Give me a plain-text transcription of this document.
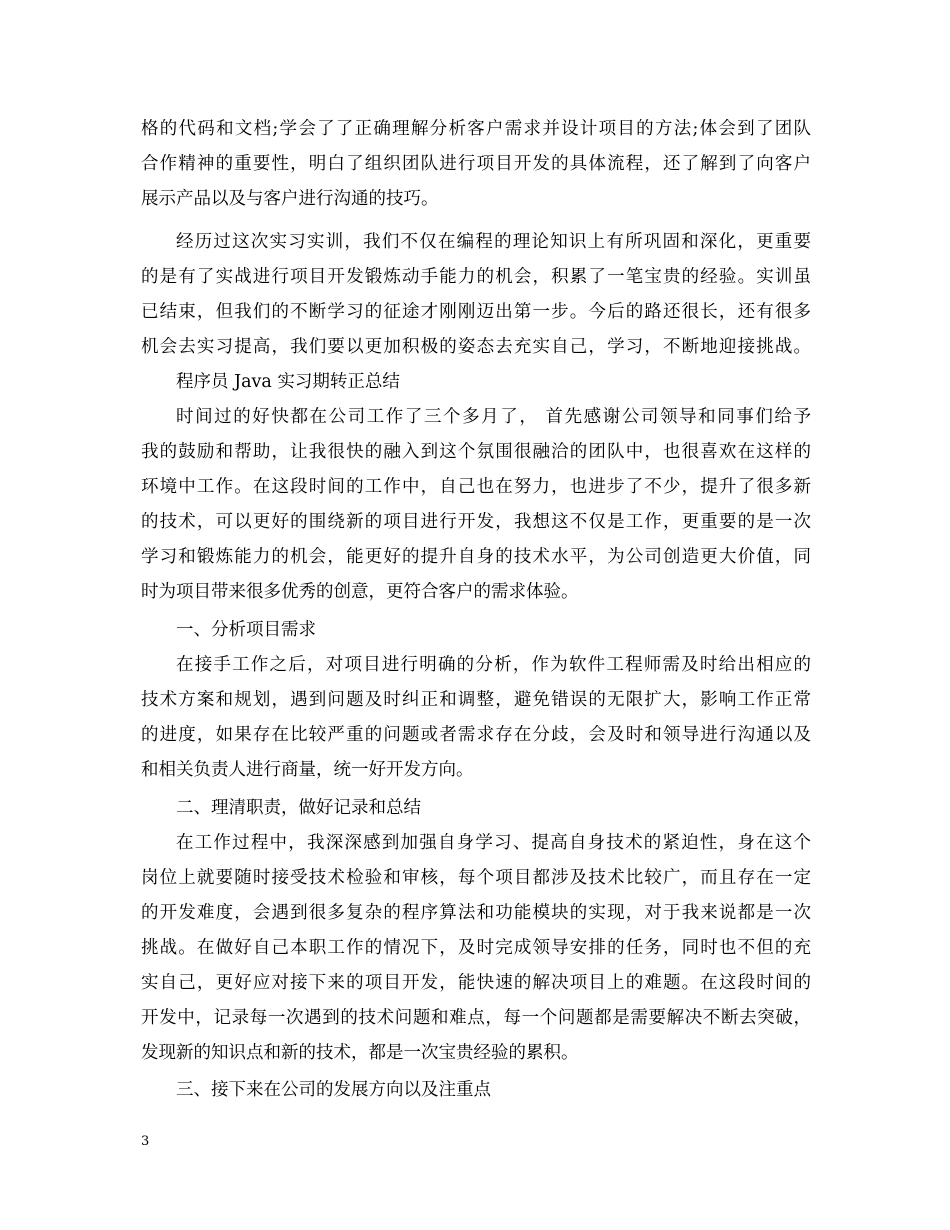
格的代码和文档;学会了了正确理解分析客户需求并设计项目的方法;体会到了团队
合作精神的重要性，明白了组织团队进行项目开发的具体流程，还了解到了向客户
展示产品以及与客户进行沟通的技巧。
经历过这次实习实训，我们不仅在编程的理论知识上有所巩固和深化，更重要
的是有了实战进行项目开发锻炼动手能力的机会，积累了一笔宝贵的经验。实训虽
已结束，但我们的不断学习的征途才刚刚迈出第一步。今后的路还很长，还有很多
机会去实习提高，我们要以更加积极的姿态去充实自己，学习，不断地迎接挑战。
程序员 Java 实习期转正总结
时间过的好快都在公司工作了三个多月了， 首先感谢公司领导和同事们给予
我的鼓励和帮助，让我很快的融入到这个氛围很融洽的团队中，也很喜欢在这样的
环境中工作。在这段时间的工作中，自己也在努力，也进步了不少，提升了很多新
的技术，可以更好的围绕新的项目进行开发，我想这不仅是工作，更重要的是一次
学习和锻炼能力的机会，能更好的提升自身的技术水平，为公司创造更大价值，同
时为项目带来很多优秀的创意，更符合客户的需求体验。
一、分析项目需求
在接手工作之后，对项目进行明确的分析，作为软件工程师需及时给出相应的
技术方案和规划，遇到问题及时纠正和调整，避免错误的无限扩大，影响工作正常
的进度，如果存在比较严重的问题或者需求存在分歧，会及时和领导进行沟通以及
和相关负责人进行商量，统一好开发方向。
二、理清职责，做好记录和总结
在工作过程中，我深深感到加强自身学习、提高自身技术的紧迫性，身在这个
岗位上就要随时接受技术检验和审核，每个项目都涉及技术比较广，而且存在一定
的开发难度，会遇到很多复杂的程序算法和功能模块的实现，对于我来说都是一次
挑战。在做好自己本职工作的情况下，及时完成领导安排的任务，同时也不但的充
实自己，更好应对接下来的项目开发，能快速的解决项目上的难题。在这段时间的
开发中，记录每一次遇到的技术问题和难点，每一个问题都是需要解决不断去突破，
发现新的知识点和新的技术，都是一次宝贵经验的累积。
三、接下来在公司的发展方向以及注重点
3
